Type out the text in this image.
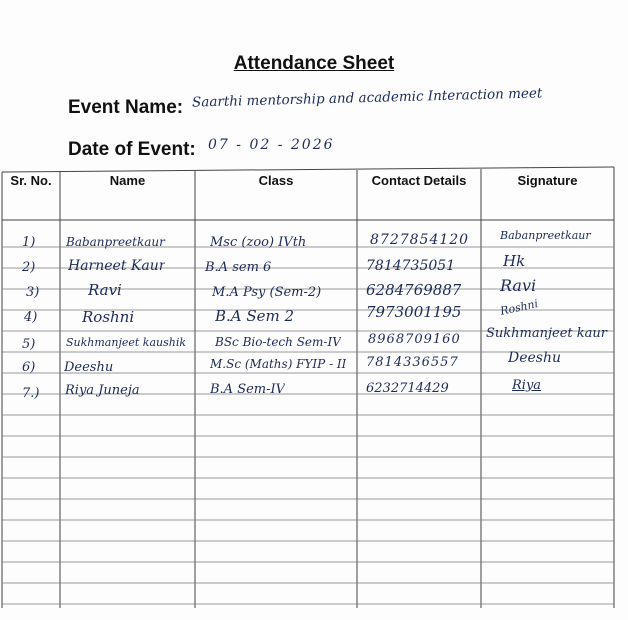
Attendance Sheet
Event Name: Saarthi mentorship and academic Interaction meet
Date of Event: 07 - 02 - 2026
Sr. No.	Name	Class	Contact Details	Signature
1)	Babanpreetkaur	Msc (zoo) IVth	8727854120	Babanpreetkaur
2) Harneet Kaur	B.A sem 6	7814735051	Hk
3)	Ravi	M.A Psy (Sem-2)	6284769887 Ravi
4)	Roshni	B.A Sem 2	7973001195	Roshni
5)	Sukhmanjeet kaushik	BSc Bio-tech Sem-IV 8968709160 Sukhmanjeet kaur
6) Deeshu	M.Sc (Maths) FYIP - II 7814336557	Deeshu
7.) Riya Juneja	B.A Sem-IV	6232714429	Riya
